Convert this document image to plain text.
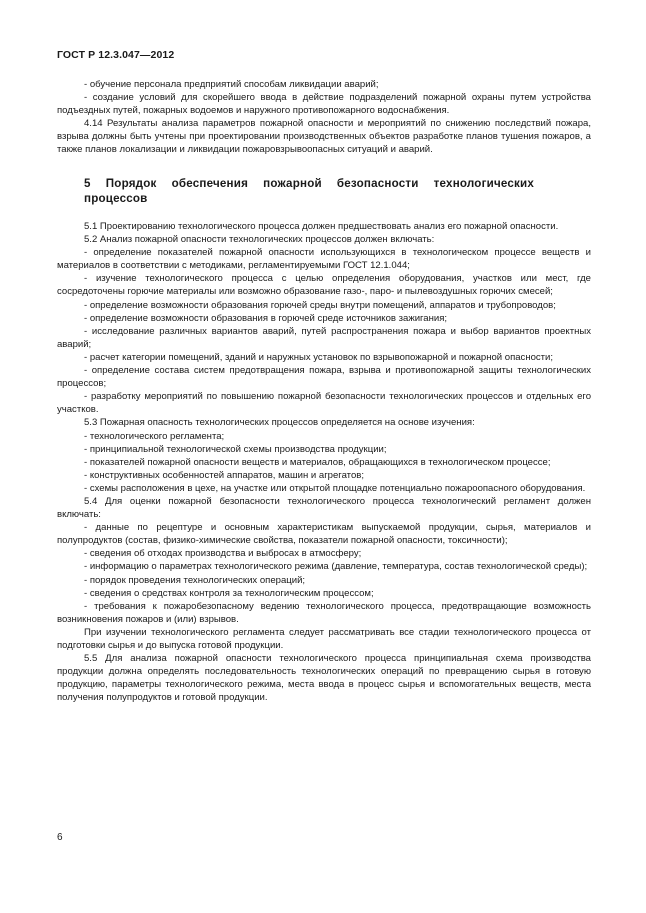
ГОСТ Р 12.3.047—2012

- обучение персонала предприятий способам ликвидации аварий;

- создание условий для скорейшего ввода в действие подразделений пожарной охраны путем устройства подъездных путей, пожарных водоемов и наружного противопожарного водоснабжения.

4.14 Результаты анализа параметров пожарной опасности и мероприятий по снижению последствий пожара, взрыва должны быть учтены при проектировании производственных объектов разработке планов тушения пожаров, а также планов локализации и ликвидации пожаровзрывоопасных ситуаций и аварий.

5 Порядок обеспечения пожарной безопасности технологических процессов

5.1 Проектированию технологического процесса должен предшествовать анализ его пожарной опасности.

5.2 Анализ пожарной опасности технологических процессов должен включать:

- определение показателей пожарной опасности использующихся в технологическом процессе веществ и материалов в соответствии с методиками, регламентируемыми ГОСТ 12.1.044;

- изучение технологического процесса с целью определения оборудования, участков или мест, где сосредоточены горючие материалы или возможно образование газо-, паро- и пылевоздушных горючих смесей;

- определение возможности образования горючей среды внутри помещений, аппаратов и трубопроводов;

- определение возможности образования в горючей среде источников зажигания;

- исследование различных вариантов аварий, путей распространения пожара и выбор вариантов проектных аварий;

- расчет категории помещений, зданий и наружных установок по взрывопожарной и пожарной опасности;

- определение состава систем предотвращения пожара, взрыва и противопожарной защиты технологических процессов;

- разработку мероприятий по повышению пожарной безопасности технологических процессов и отдельных его участков.

5.3 Пожарная опасность технологических процессов определяется на основе изучения:

- технологического регламента;

- принципиальной технологической схемы производства продукции;

- показателей пожарной опасности веществ и материалов, обращающихся в технологическом процессе;

- конструктивных особенностей аппаратов, машин и агрегатов;

- схемы расположения в цехе, на участке или открытой площадке потенциально пожароопасного оборудования.

5.4 Для оценки пожарной безопасности технологического процесса технологический регламент должен включать:

- данные по рецептуре и основным характеристикам выпускаемой продукции, сырья, материалов и полупродуктов (состав, физико-химические свойства, показатели пожарной опасности, токсичности);

- сведения об отходах производства и выбросах в атмосферу;

- информацию о параметрах технологического режима (давление, температура, состав технологической среды);

- порядок проведения технологических операций;

- сведения о средствах контроля за технологическим процессом;

- требования к пожаробезопасному ведению технологического процесса, предотвращающие возможность возникновения пожаров и (или) взрывов.

При изучении технологического регламента следует рассматривать все стадии технологического процесса от подготовки сырья и до выпуска готовой продукции.

5.5 Для анализа пожарной опасности технологического процесса принципиальная схема производства продукции должна определять последовательность технологических операций по превращению сырья в готовую продукцию, параметры технологического режима, места ввода в процесс сырья и вспомогательных веществ, места получения полупродуктов и готовой продукции.

6
